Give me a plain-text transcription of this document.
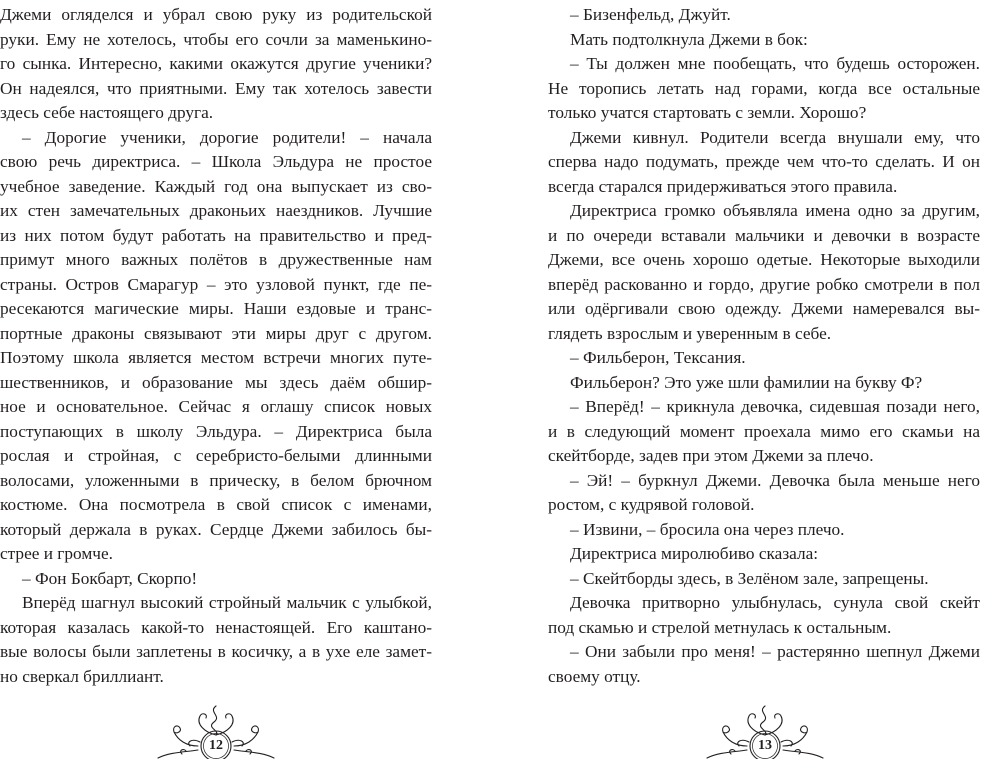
Джеми огляделся и убрал свою руку из родительской
руки. Ему не хотелось, чтобы его сочли за маменькино-
го сынка. Интересно, какими окажутся другие ученики?
Он надеялся, что приятными. Ему так хотелось завести
здесь себе настоящего друга.
– Дорогие ученики, дорогие родители! – начала
свою речь директриса. – Школа Эльдура не простое
учебное заведение. Каждый год она выпускает из сво-
их стен замечательных драконьих наездников. Лучшие
из них потом будут работать на правительство и пред-
примут много важных полётов в дружественные нам
страны. Остров Смарагур – это узловой пункт, где пе-
ресекаются магические миры. Наши ездовые и транс-
портные драконы связывают эти миры друг с другом.
Поэтому школа является местом встречи многих путе-
шественников, и образование мы здесь даём обшир-
ное и основательное. Сейчас я оглашу список новых
поступающих в школу Эльдура. – Директриса была
рослая и стройная, с серебристо-белыми длинными
волосами, уложенными в прическу, в белом брючном
костюме. Она посмотрела в свой список с именами,
который держала в руках. Сердце Джеми забилось бы-
стрее и громче.
– Фон Бокбарт, Скорпо!
Вперёд шагнул высокий стройный мальчик с улыбкой,
которая казалась какой-то ненастоящей. Его каштано-
вые волосы были заплетены в косичку, а в ухе еле замет-
но сверкал бриллиант.
– Бизенфельд, Джуйт.
Мать подтолкнула Джеми в бок:
– Ты должен мне пообещать, что будешь осторожен.
Не торопись летать над горами, когда все остальные
только учатся стартовать с земли. Хорошо?
Джеми кивнул. Родители всегда внушали ему, что
сперва надо подумать, прежде чем что-то сделать. И он
всегда старался придерживаться этого правила.
Директриса громко объявляла имена одно за другим,
и по очереди вставали мальчики и девочки в возрасте
Джеми, все очень хорошо одетые. Некоторые выходили
вперёд раскованно и гордо, другие робко смотрели в пол
или одёргивали свою одежду. Джеми намеревался вы-
глядеть взрослым и уверенным в себе.
– Фильберон, Тексания.
Фильберон? Это уже шли фамилии на букву Ф?
– Вперёд! – крикнула девочка, сидевшая позади него,
и в следующий момент проехала мимо его скамьи на
скейтборде, задев при этом Джеми за плечо.
– Эй! – буркнул Джеми. Девочка была меньше него
ростом, с кудрявой головой.
– Извини, – бросила она через плечо.
Директриса миролюбиво сказала:
– Скейтборды здесь, в Зелёном зале, запрещены.
Девочка притворно улыбнулась, сунула свой скейт
под скамью и стрелой метнулась к остальным.
– Они забыли про меня! – растерянно шепнул Джеми
своему отцу.
12	13
